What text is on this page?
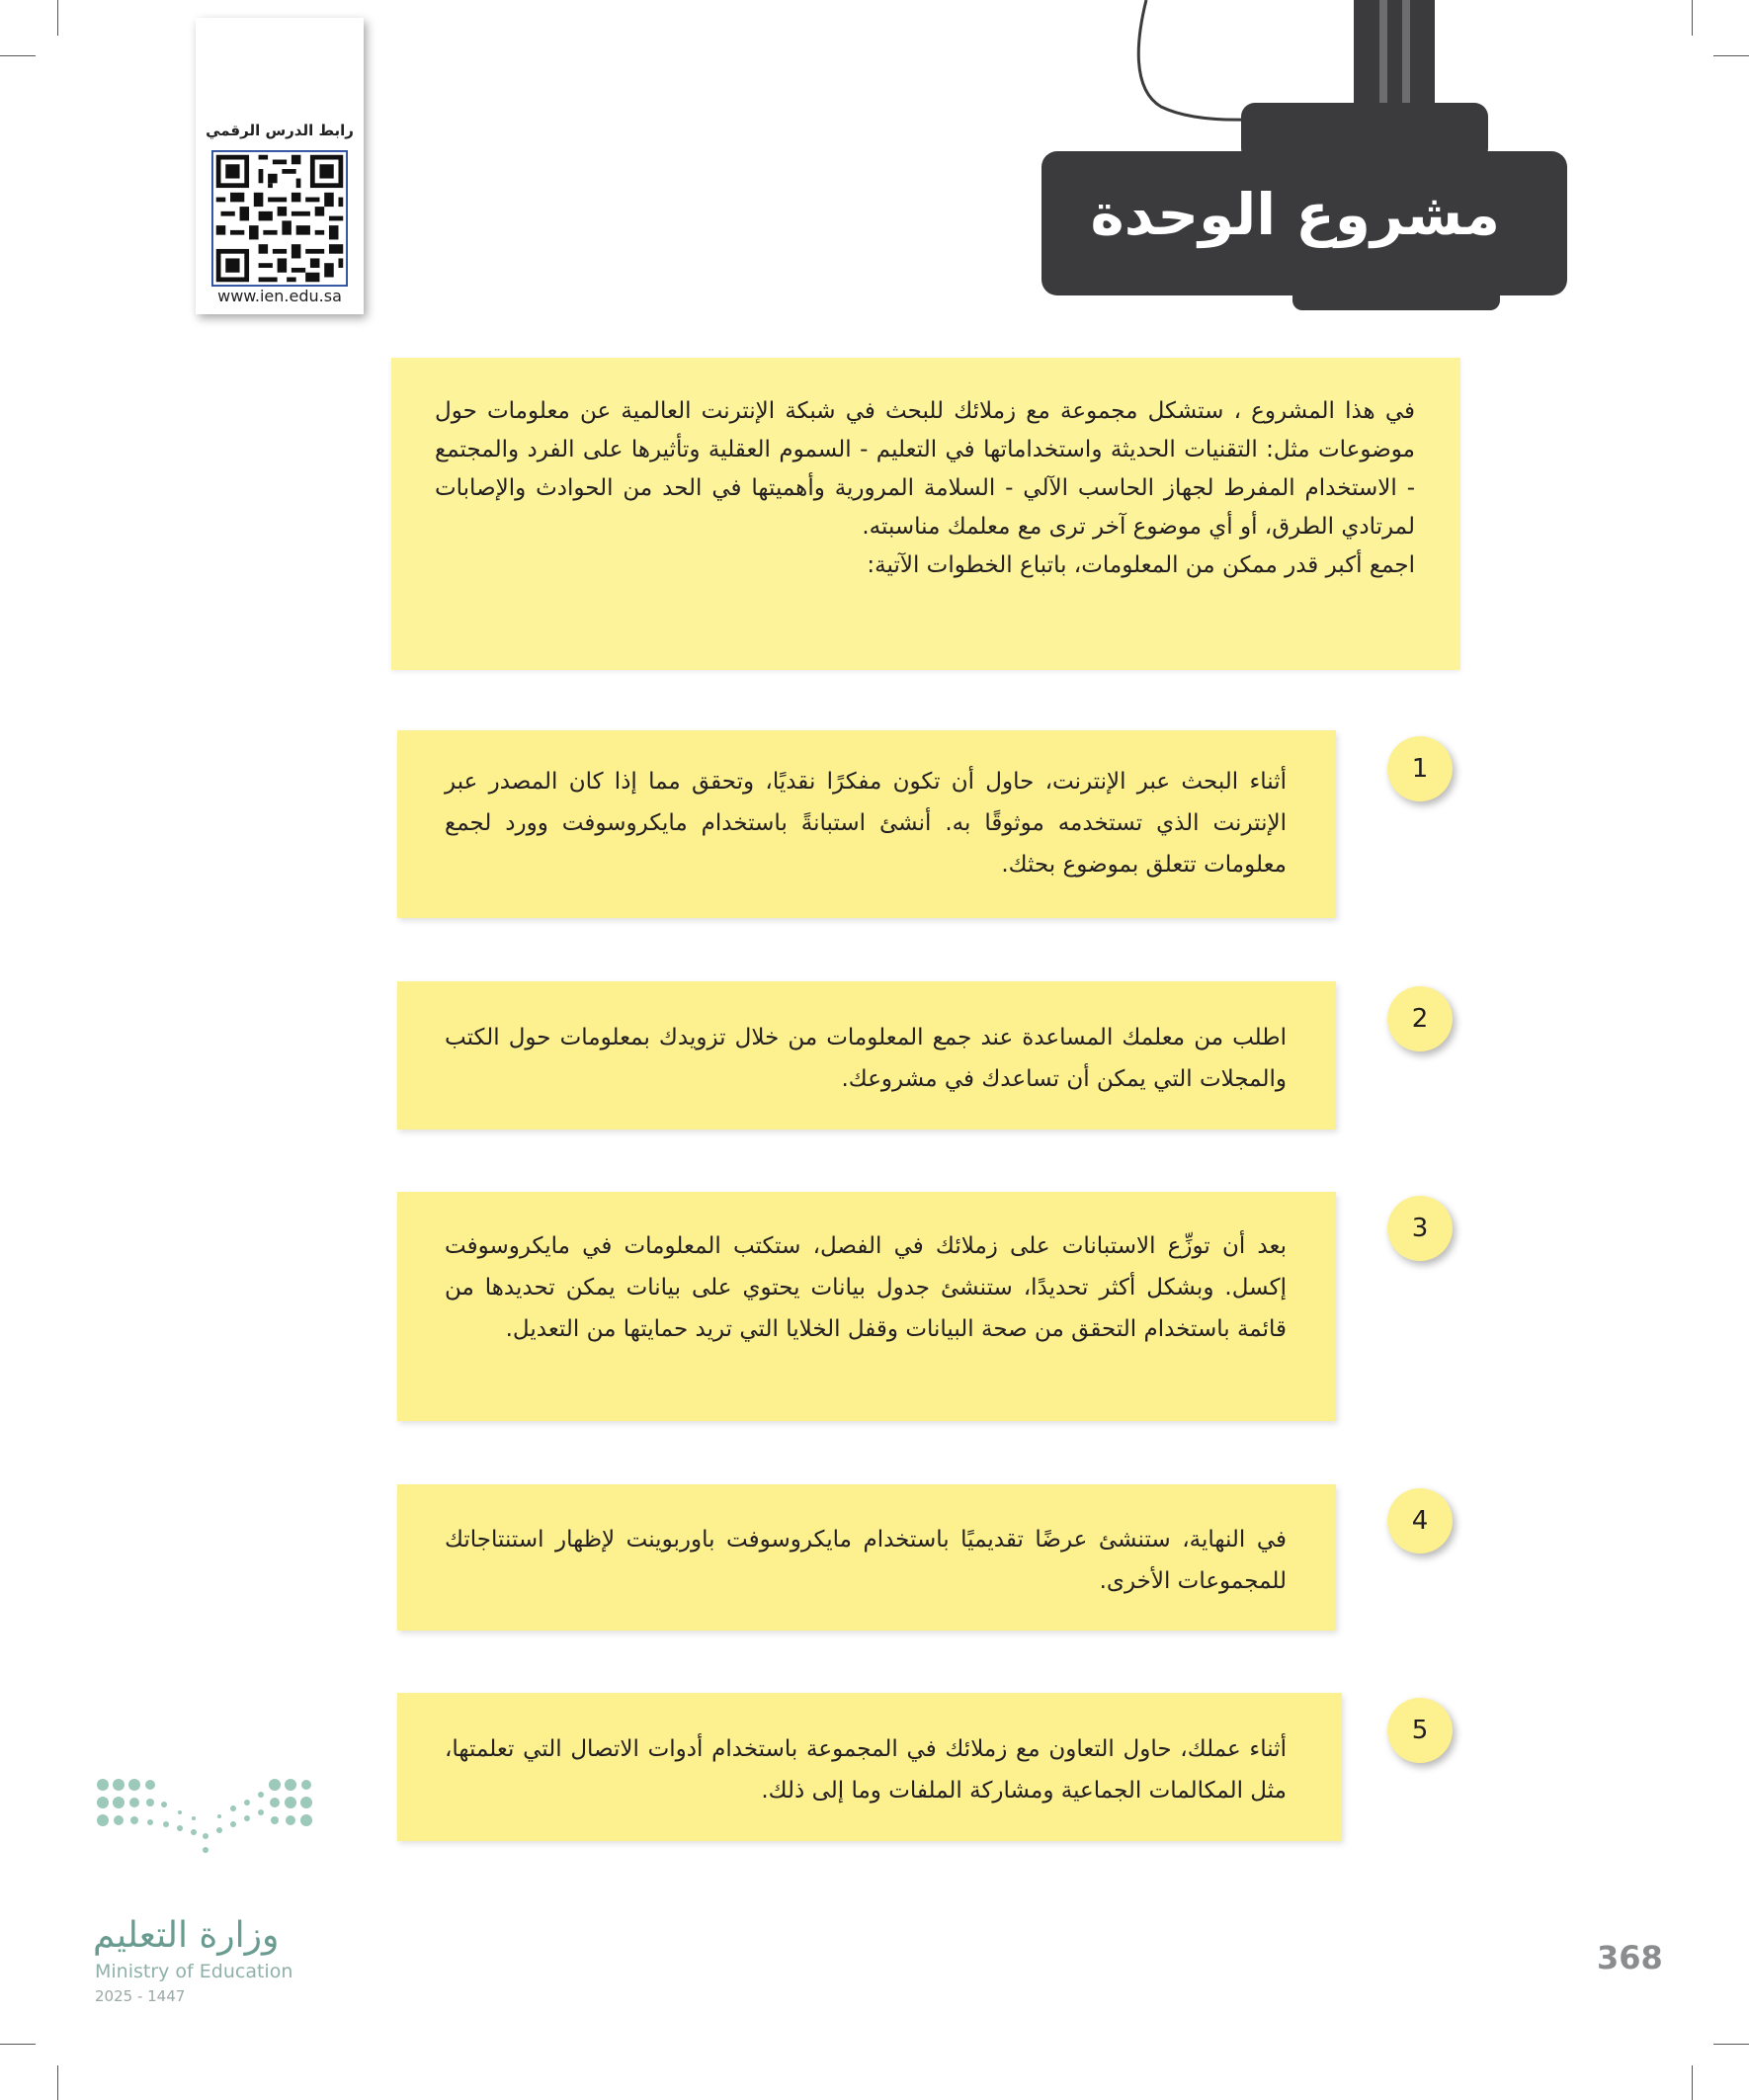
رابط الدرس الرقمي
www.ien.edu.sa
مشروع الوحدة

في هذا المشروع ، ستشكل مجموعة مع زملائك للبحث في شبكة الإنترنت العالمية عن معلومات حول موضوعات مثل: التقنيات الحديثة واستخداماتها في التعليم - السموم العقلية وتأثيرها على الفرد والمجتمع - الاستخدام المفرط لجهاز الحاسب الآلي - السلامة المرورية وأهميتها في الحد من الحوادث والإصابات لمرتادي الطرق، أو أي موضوع آخر ترى مع معلمك مناسبته.

اجمع أكبر قدر ممكن من المعلومات، باتباع الخطوات الآتية:

أثناء البحث عبر الإنترنت، حاول أن تكون مفكرًا نقديًا، وتحقق مما إذا كان المصدر عبر الإنترنت الذي تستخدمه موثوقًا به. أنشئ استبانةً باستخدام مايكروسوفت وورد لجمع معلومات تتعلق بموضوع بحثك.
1
اطلب من معلمك المساعدة عند جمع المعلومات من خلال تزويدك بمعلومات حول الكتب والمجلات التي يمكن أن تساعدك في مشروعك.
2
بعد أن توزِّع الاستبانات على زملائك في الفصل، ستكتب المعلومات في مايكروسوفت إكسل. وبشكل أكثر تحديدًا، ستنشئ جدول بيانات يحتوي على بيانات يمكن تحديدها من قائمة باستخدام التحقق من صحة البيانات وقفل الخلايا التي تريد حمايتها من التعديل.
3
في النهاية، ستنشئ عرضًا تقديميًا باستخدام مايكروسوفت باوربوينت لإظهار استنتاجاتك للمجموعات الأخرى.
4
أثناء عملك، حاول التعاون مع زملائك في المجموعة باستخدام أدوات الاتصال التي تعلمتها، مثل المكالمات الجماعية ومشاركة الملفات وما إلى ذلك.
5
وزارة التعليم
Ministry of Education
2025 - 1447
368
